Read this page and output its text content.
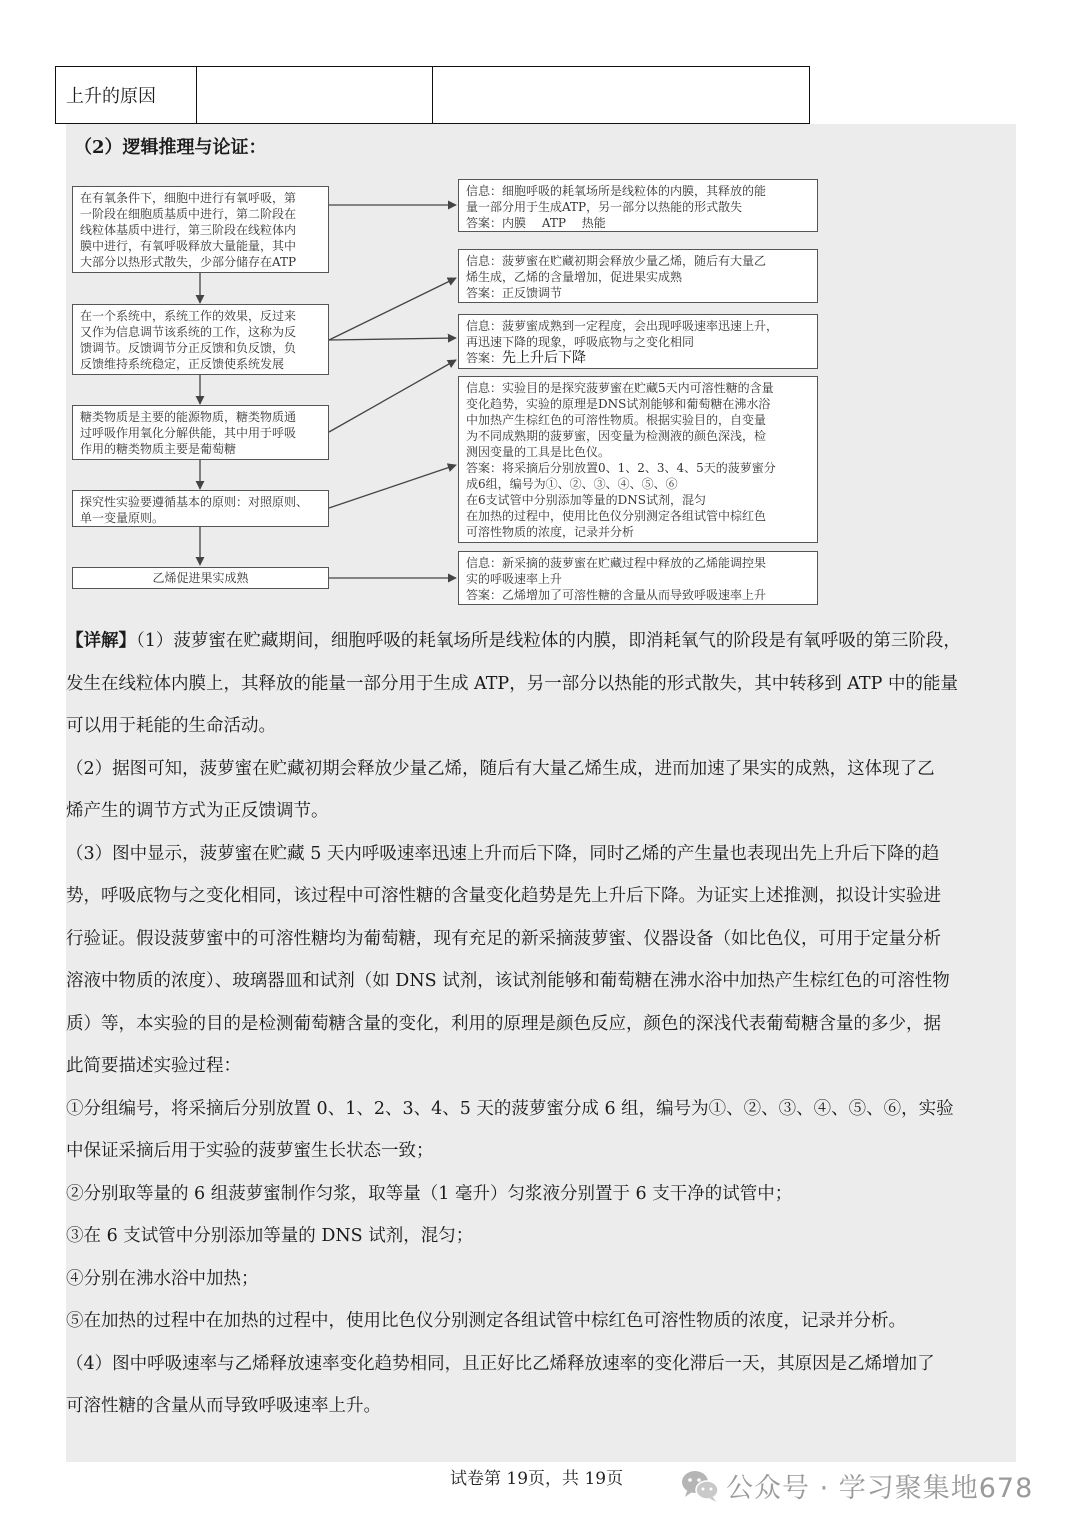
上升的原因
（2）逻辑推理与论证：
在有氧条件下，细胞中进行有氧呼吸，第
一阶段在细胞质基质中进行，第二阶段在
线粒体基质中进行，第三阶段在线粒体内
膜中进行，有氧呼吸释放大量能量，其中
大部分以热形式散失，少部分储存在ATP
在一个系统中，系统工作的效果，反过来
又作为信息调节该系统的工作，这称为反
馈调节。反馈调节分正反馈和负反馈，负
反馈维持系统稳定，正反馈使系统发展
糖类物质是主要的能源物质，糖类物质通
过呼吸作用氧化分解供能，其中用于呼吸
作用的糖类物质主要是葡萄糖
探究性实验要遵循基本的原则：对照原则、
单一变量原则。
乙烯促进果实成熟
信息：细胞呼吸的耗氧场所是线粒体的内膜，其释放的能
量一部分用于生成ATP，另一部分以热能的形式散失
答案：内膜　 ATP　 热能
信息：菠萝蜜在贮藏初期会释放少量乙烯，随后有大量乙
烯生成，乙烯的含量增加，促进果实成熟
答案：正反馈调节
信息：菠萝蜜成熟到一定程度，会出现呼吸速率迅速上升，
再迅速下降的现象，呼吸底物与之变化相同
答案：先上升后下降
信息：实验目的是探究菠萝蜜在贮藏5天内可溶性糖的含量
变化趋势，实验的原理是DNS试剂能够和葡萄糖在沸水浴
中加热产生棕红色的可溶性物质。根据实验目的，自变量
为不同成熟期的菠萝蜜，因变量为检测液的颜色深浅，检
测因变量的工具是比色仪。
答案：将采摘后分别放置0、1、2、3、4、5天的菠萝蜜分
成6组，编号为①、②、③、④、⑤、⑥
在6支试管中分别添加等量的DNS试剂，混匀
在加热的过程中，使用比色仪分别测定各组试管中棕红色
可溶性物质的浓度，记录并分析
信息：新采摘的菠萝蜜在贮藏过程中释放的乙烯能调控果
实的呼吸速率上升
答案：乙烯增加了可溶性糖的含量从而导致呼吸速率上升

【详解】（1）菠萝蜜在贮藏期间，细胞呼吸的耗氧场所是线粒体的内膜，即消耗氧气的阶段是有氧呼吸的第三阶段，

发生在线粒体内膜上，其释放的能量一部分用于生成 ATP，另一部分以热能的形式散失，其中转移到 ATP 中的能量

可以用于耗能的生命活动。

（2）据图可知，菠萝蜜在贮藏初期会释放少量乙烯，随后有大量乙烯生成，进而加速了果实的成熟，这体现了乙

烯产生的调节方式为正反馈调节。

（3）图中显示，菠萝蜜在贮藏 5 天内呼吸速率迅速上升而后下降，同时乙烯的产生量也表现出先上升后下降的趋

势，呼吸底物与之变化相同，该过程中可溶性糖的含量变化趋势是先上升后下降。为证实上述推测，拟设计实验进

行验证。假设菠萝蜜中的可溶性糖均为葡萄糖，现有充足的新采摘菠萝蜜、仪器设备（如比色仪，可用于定量分析

溶液中物质的浓度）、玻璃器皿和试剂（如 DNS 试剂，该试剂能够和葡萄糖在沸水浴中加热产生棕红色的可溶性物

质）等，本实验的目的是检测葡萄糖含量的变化，利用的原理是颜色反应，颜色的深浅代表葡萄糖含量的多少，据

此简要描述实验过程：

①分组编号，将采摘后分别放置 0、1、2、3、4、5 天的菠萝蜜分成 6 组，编号为①、②、③、④、⑤、⑥，实验

中保证采摘后用于实验的菠萝蜜生长状态一致；

②分别取等量的 6 组菠萝蜜制作匀浆，取等量（1 毫升）匀浆液分别置于 6 支干净的试管中；

③在 6 支试管中分别添加等量的 DNS 试剂，混匀；

④分别在沸水浴中加热；

⑤在加热的过程中在加热的过程中，使用比色仪分别测定各组试管中棕红色可溶性物质的浓度，记录并分析。

（4）图中呼吸速率与乙烯释放速率变化趋势相同，且正好比乙烯释放速率的变化滞后一天，其原因是乙烯增加了

可溶性糖的含量从而导致呼吸速率上升。

试卷第 19页，共 19页	公众号 · 学习聚集地678
